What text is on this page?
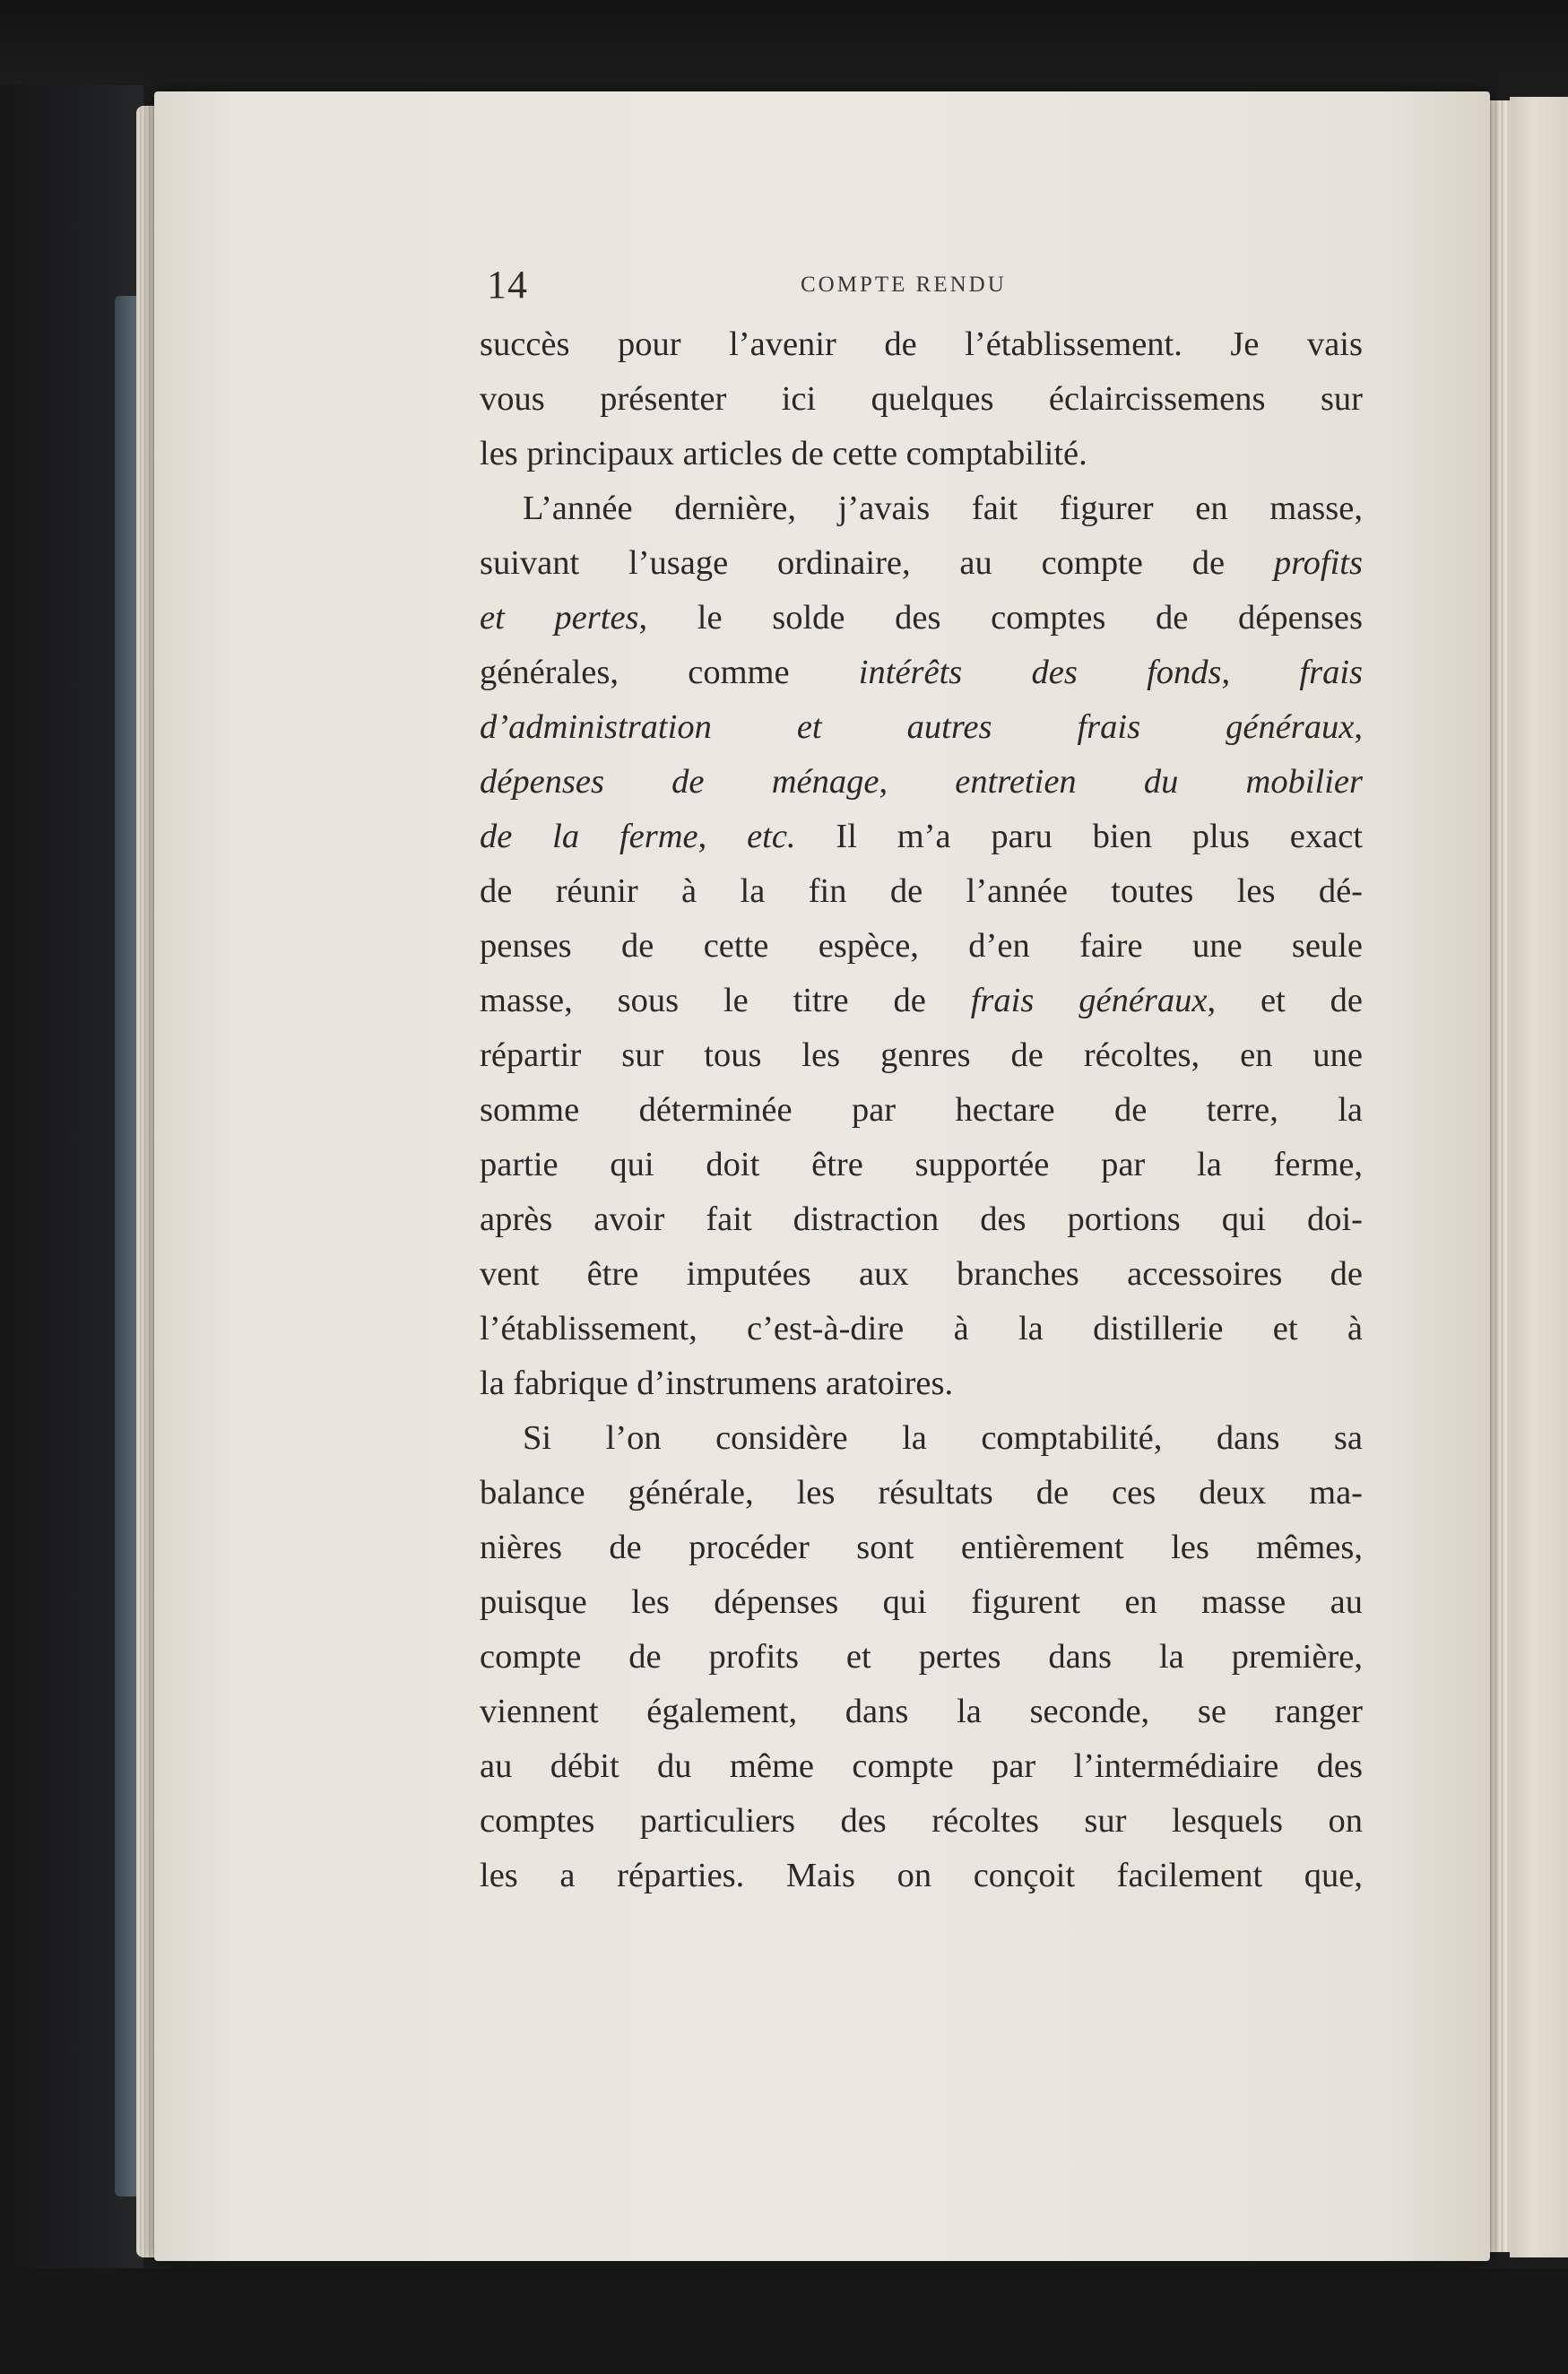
14	COMPTE RENDU
succès pour l’avenir de l’établissement. Je vais
vous présenter ici quelques éclaircissemens sur
les principaux articles de cette comptabilité.
L’année dernière, j’avais fait figurer en masse,
suivant l’usage ordinaire, au compte de profits
et pertes, le solde des comptes de dépenses
générales, comme intérêts des fonds, frais
d’administration et autres frais généraux,
dépenses de ménage, entretien du mobilier
de la ferme, etc. Il m’a paru bien plus exact
de réunir à la fin de l’année toutes les dé-
penses de cette espèce, d’en faire une seule
masse, sous le titre de frais généraux, et de
répartir sur tous les genres de récoltes, en une
somme déterminée par hectare de terre, la
partie qui doit être supportée par la ferme,
après avoir fait distraction des portions qui doi-
vent être imputées aux branches accessoires de
l’établissement, c’est-à-dire à la distillerie et à
la fabrique d’instrumens aratoires.
Si l’on considère la comptabilité, dans sa
balance générale, les résultats de ces deux ma-
nières de procéder sont entièrement les mêmes,
puisque les dépenses qui figurent en masse au
compte de profits et pertes dans la première,
viennent également, dans la seconde, se ranger
au débit du même compte par l’intermédiaire des
comptes particuliers des récoltes sur lesquels on
les a réparties. Mais on conçoit facilement que,
